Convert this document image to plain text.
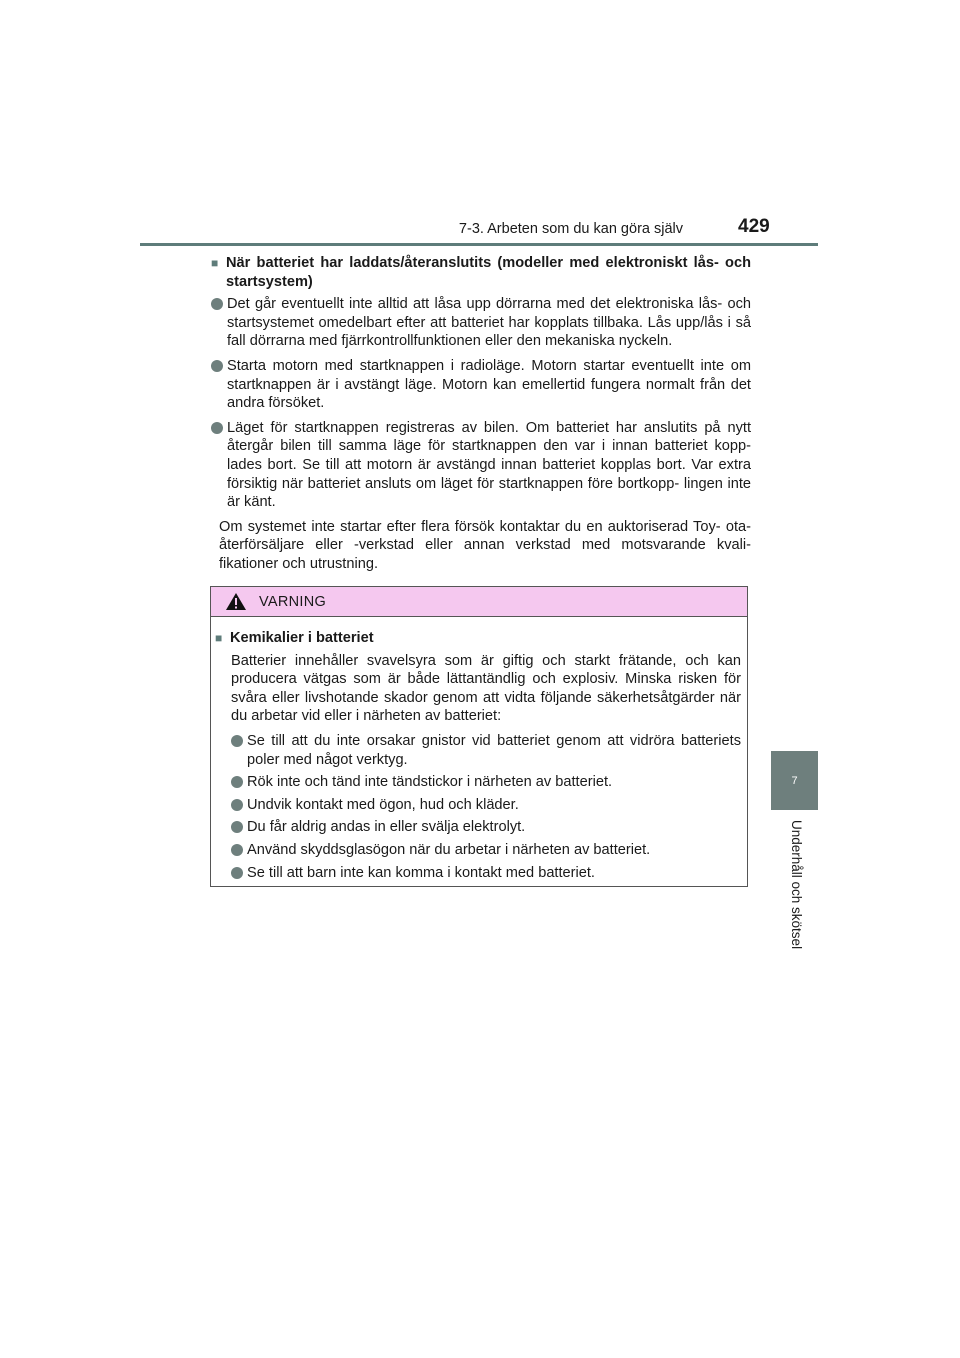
7-3. Arbeten som du kan göra själv	429
7
Underhåll och skötsel
■ När batteriet har laddats/återanslutits (modeller med elektroniskt lås- och startsystem)
Det går eventuellt inte alltid att låsa upp dörrarna med det elektroniska lås- och startsystemet omedelbart efter att batteriet har kopplats tillbaka. Lås upp/lås i så fall dörrarna med fjärrkontrollfunktionen eller den mekaniska nyckeln.
Starta motorn med startknappen i radioläge. Motorn startar eventuellt inte om startknappen är i avstängt läge. Motorn kan emellertid fungera normalt från det andra försöket.
Läget för startknappen registreras av bilen. Om batteriet har anslutits på nytt återgår bilen till samma läge för startknappen den var i innan batteriet kopp- lades bort. Se till att motorn är avstängd innan batteriet kopplas bort. Var extra försiktig när batteriet ansluts om läget för startknappen före bortkopp- lingen inte är känt.
Om systemet inte startar efter flera försök kontaktar du en auktoriserad Toy- ota-återförsäljare eller -verkstad eller annan verkstad med motsvarande kvali- fikationer och utrustning.
VARNING
■ Kemikalier i batteriet
Batterier innehåller svavelsyra som är giftig och starkt frätande, och kan producera vätgas som är både lättantändlig och explosiv. Minska risken för svåra eller livshotande skador genom att vidta följande säkerhetsåtgärder när du arbetar vid eller i närheten av batteriet:
Se till att du inte orsakar gnistor vid batteriet genom att vidröra batteriets poler med något verktyg.
Rök inte och tänd inte tändstickor i närheten av batteriet.
Undvik kontakt med ögon, hud och kläder.
Du får aldrig andas in eller svälja elektrolyt.
Använd skyddsglasögon när du arbetar i närheten av batteriet.
Se till att barn inte kan komma i kontakt med batteriet.
